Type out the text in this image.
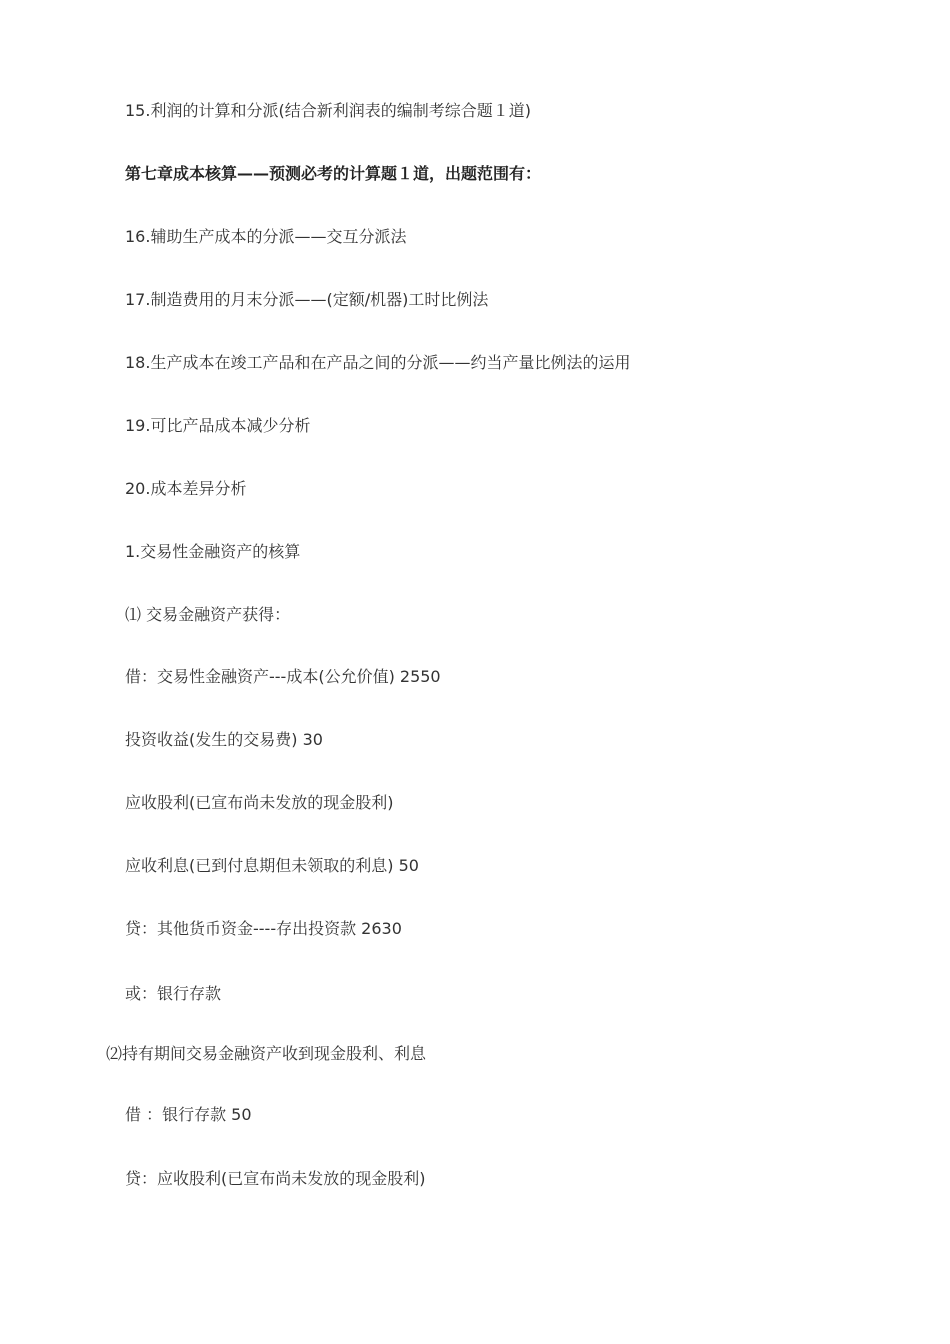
15.利润的计算和分派(结合新利润表的编制考综合题１道)
第七章成本核算——预测必考的计算题１道，出题范围有：
16.辅助生产成本的分派——交互分派法
17.制造费用的月末分派——(定额/机器)工时比例法
18.生产成本在竣工产品和在产品之间的分派——约当产量比例法的运用
19.可比产品成本减少分析
20.成本差异分析
1.交易性金融资产的核算
⑴ 交易金融资产获得：
借：交易性金融资产---成本(公允价值) 2550
投资收益(发生的交易费) 30
应收股利(已宣布尚未发放的现金股利)
应收利息(已到付息期但未领取的利息) 50
贷：其他货币资金----存出投资款 2630
或：银行存款
⑵持有期间交易金融资产收到现金股利、利息
借 ：银行存款 50
贷：应收股利(已宣布尚未发放的现金股利)
